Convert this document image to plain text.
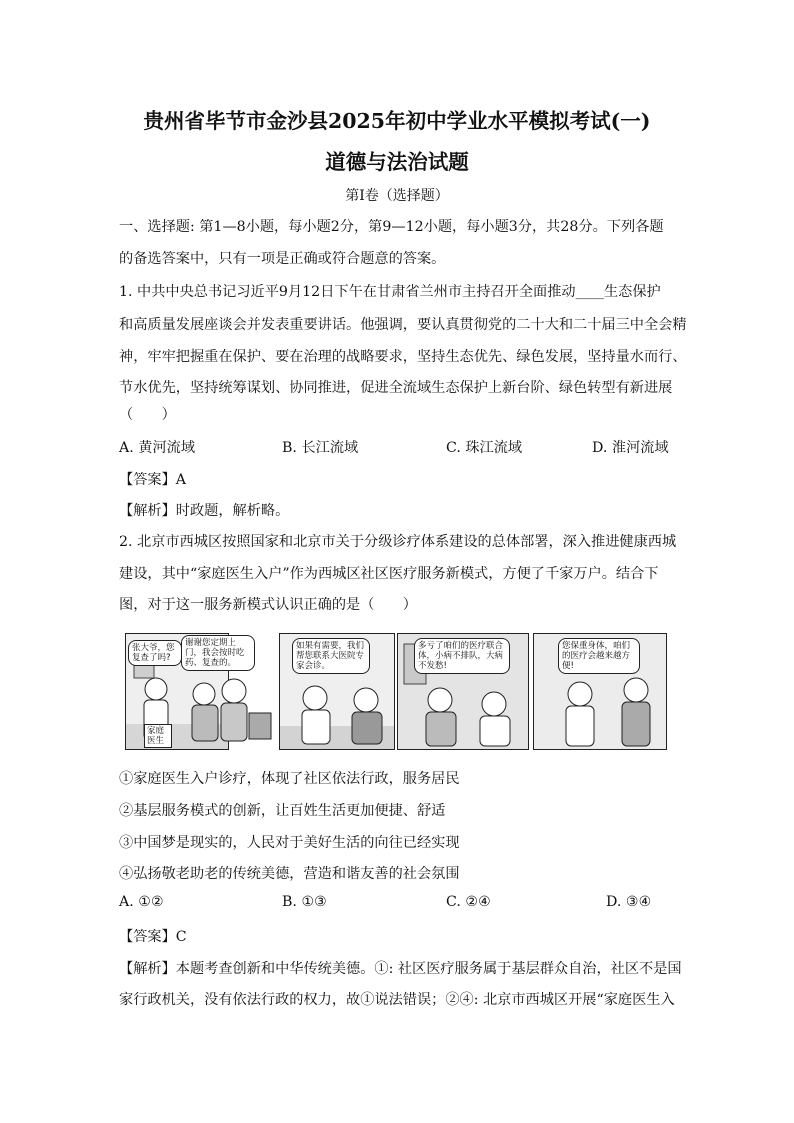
贵州省毕节市金沙县2025年初中学业水平模拟考试(一)
道德与法治试题
第Ⅰ卷（选择题）
一、选择题: 第1—8小题，每小题2分，第9—12小题，每小题3分，共28分。下列各题
的备选答案中，只有一项是正确或符合题意的答案。
1. 中共中央总书记习近平9月12日下午在甘肃省兰州市主持召开全面推动____生态保护
和高质量发展座谈会并发表重要讲话。他强调，要认真贯彻党的二十大和二十届三中全会精
神，牢牢把握重在保护、要在治理的战略要求，坚持生态优先、绿色发展，坚持量水而行、
节水优先，坚持统筹谋划、协同推进，促进全流域生态保护上新台阶、绿色转型有新进展
（　　）
A. 黄河流域	B. 长江流域	C. 珠江流域	D. 淮河流域
【答案】A
【解析】时政题，解析略。
2. 北京市西城区按照国家和北京市关于分级诊疗体系建设的总体部署，深入推进健康西城
建设，其中“家庭医生入户”作为西城区社区医疗服务新模式，方便了千家万户。结合下
图，对于这一服务新模式认识正确的是（　　）
张大爷，您复查了吗?
家庭医生
谢谢您定期上门，我会按时吃药、复查的。
如果有需要，我们帮您联系大医院专家会诊。
多亏了咱们的医疗联合体，小病不排队，大病不发愁!
您保重身体，咱们的医疗会越来越方便!
①家庭医生入户诊疗，体现了社区依法行政，服务居民
②基层服务模式的创新，让百姓生活更加便捷、舒适
③中国梦是现实的，人民对于美好生活的向往已经实现
④弘扬敬老助老的传统美德，营造和谐友善的社会氛围
A. ①②	B. ①③	C. ②④	D. ③④
【答案】C
【解析】本题考查创新和中华传统美德。①: 社区医疗服务属于基层群众自治，社区不是国
家行政机关，没有依法行政的权力，故①说法错误；②④: 北京市西城区开展“家庭医生入
